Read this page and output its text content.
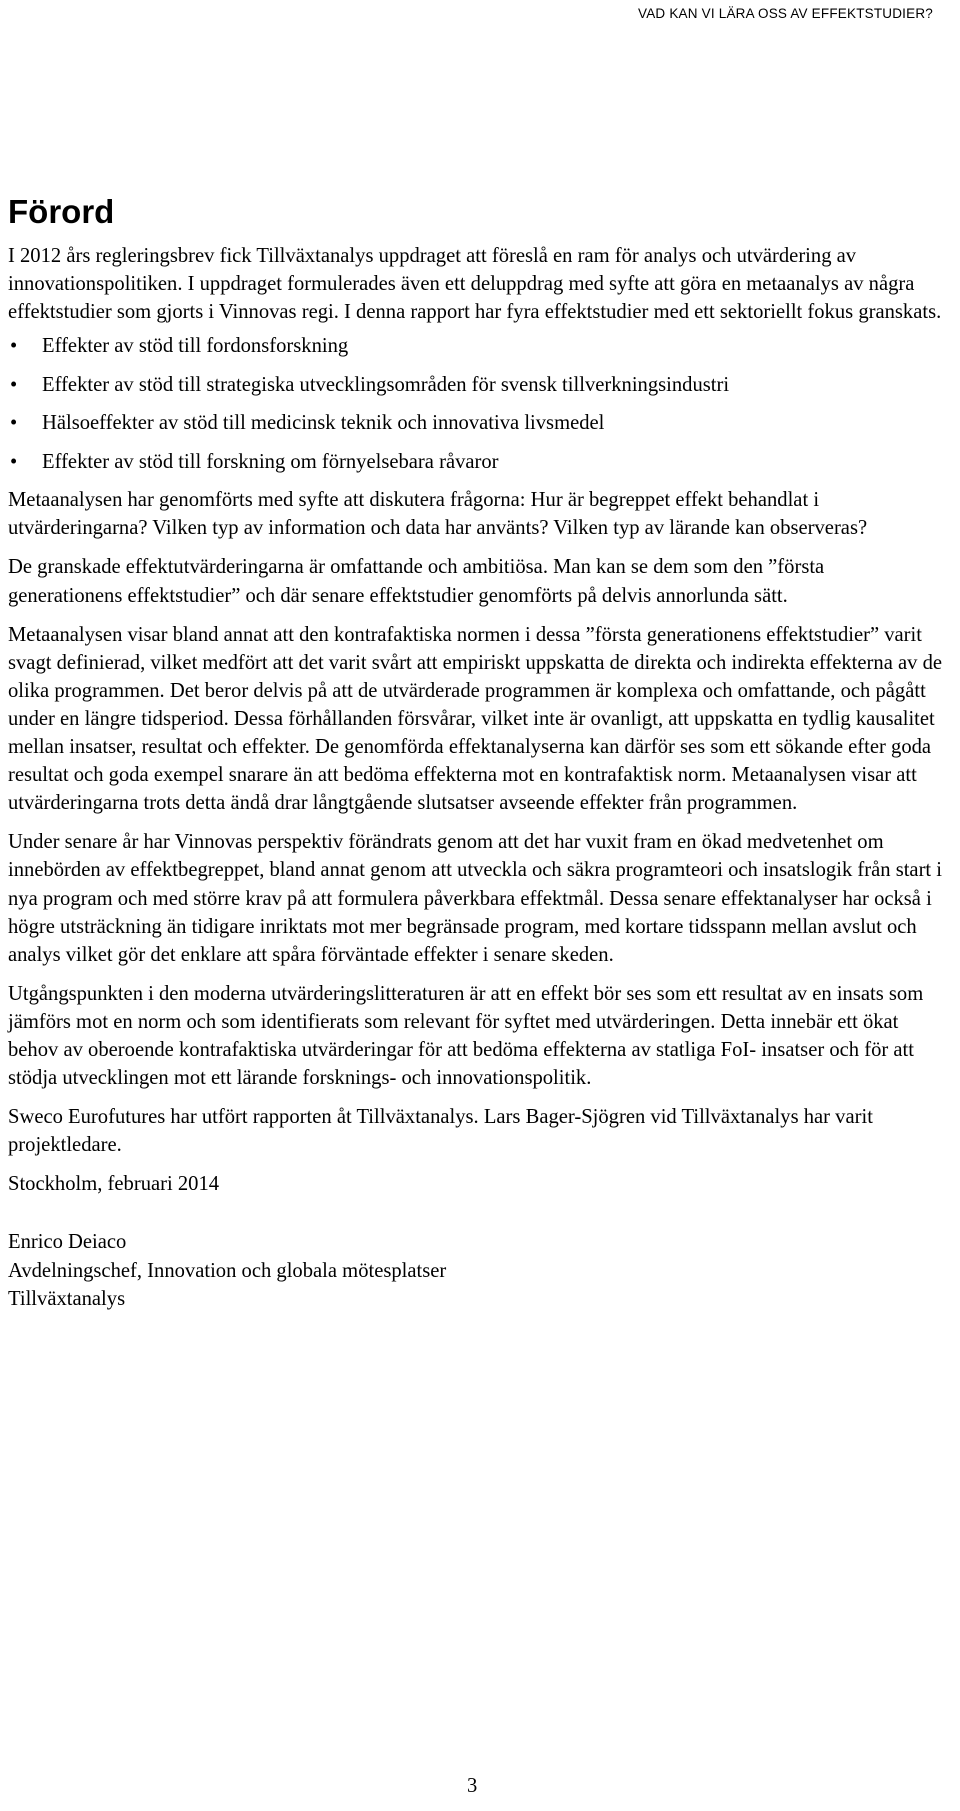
VAD KAN VI LÄRA OSS AV EFFEKTSTUDIER?
Förord

I 2012 års regleringsbrev fick Tillväxtanalys uppdraget att föreslå en ram för analys och utvärdering av innovationspolitiken. I uppdraget formulerades även ett deluppdrag med syfte att göra en metaanalys av några effektstudier som gjorts i Vinnovas regi. I denna rapport har fyra effektstudier med ett sektoriellt fokus granskats.

• Effekter av stöd till fordonsforskning
• Effekter av stöd till strategiska utvecklingsområden för svensk tillverkningsindustri
• Hälsoeffekter av stöd till medicinsk teknik och innovativa livsmedel
• Effekter av stöd till forskning om förnyelsebara råvaror

Metaanalysen har genomförts med syfte att diskutera frågorna: Hur är begreppet effekt behandlat i utvärderingarna? Vilken typ av information och data har använts? Vilken typ av lärande kan observeras?

De granskade effektutvärderingarna är omfattande och ambitiösa. Man kan se dem som den ”första generationens effektstudier” och där senare effektstudier genomförts på delvis annorlunda sätt.

Metaanalysen visar bland annat att den kontrafaktiska normen i dessa ”första generationens effektstudier” varit svagt definierad, vilket medfört att det varit svårt att empiriskt uppskatta de direkta och indirekta effekterna av de olika programmen. Det beror delvis på att de utvärderade programmen är komplexa och omfattande, och pågått under en längre tidsperiod. Dessa förhållanden försvårar, vilket inte är ovanligt, att uppskatta en tydlig kausalitet mellan insatser, resultat och effekter. De genomförda effektanalyserna kan därför ses som ett sökande efter goda resultat och goda exempel snarare än att bedöma effekterna mot en kontrafaktisk norm. Metaanalysen visar att utvärderingarna trots detta ändå drar långtgående slutsatser avseende effekter från programmen.

Under senare år har Vinnovas perspektiv förändrats genom att det har vuxit fram en ökad medvetenhet om innebörden av effektbegreppet, bland annat genom att utveckla och säkra programteori och insatslogik från start i nya program och med större krav på att formulera påverkbara effektmål. Dessa senare effektanalyser har också i högre utsträckning än tidigare inriktats mot mer begränsade program, med kortare tidsspann mellan avslut och analys vilket gör det enklare att spåra förväntade effekter i senare skeden.

Utgångspunkten i den moderna utvärderingslitteraturen är att en effekt bör ses som ett resultat av en insats som jämförs mot en norm och som identifierats som relevant för syftet med utvärderingen. Detta innebär ett ökat behov av oberoende kontrafaktiska utvärderingar för att bedöma effekterna av statliga FoI- insatser och för att stödja utvecklingen mot ett lärande forsknings- och innovationspolitik.

Sweco Eurofutures har utfört rapporten åt Tillväxtanalys. Lars Bager-Sjögren vid Tillväxtanalys har varit projektledare.

Stockholm, februari 2014

Enrico Deiaco

Avdelningschef, Innovation och globala mötesplatser

Tillväxtanalys

3
